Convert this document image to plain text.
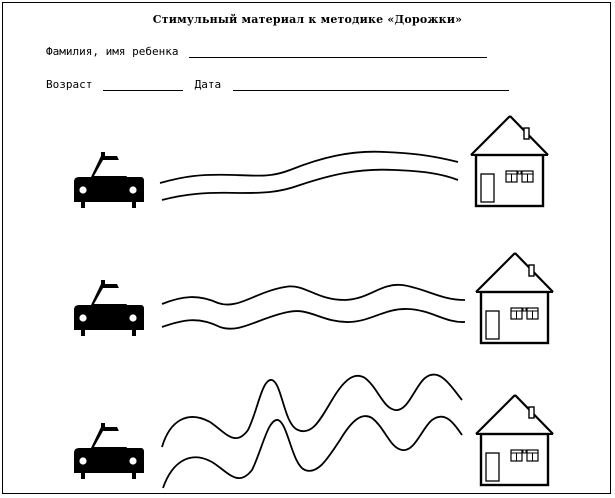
Стимульный материал к методике «Дорожки»
Фамилия, имя ребенка
Возраст	Дата
